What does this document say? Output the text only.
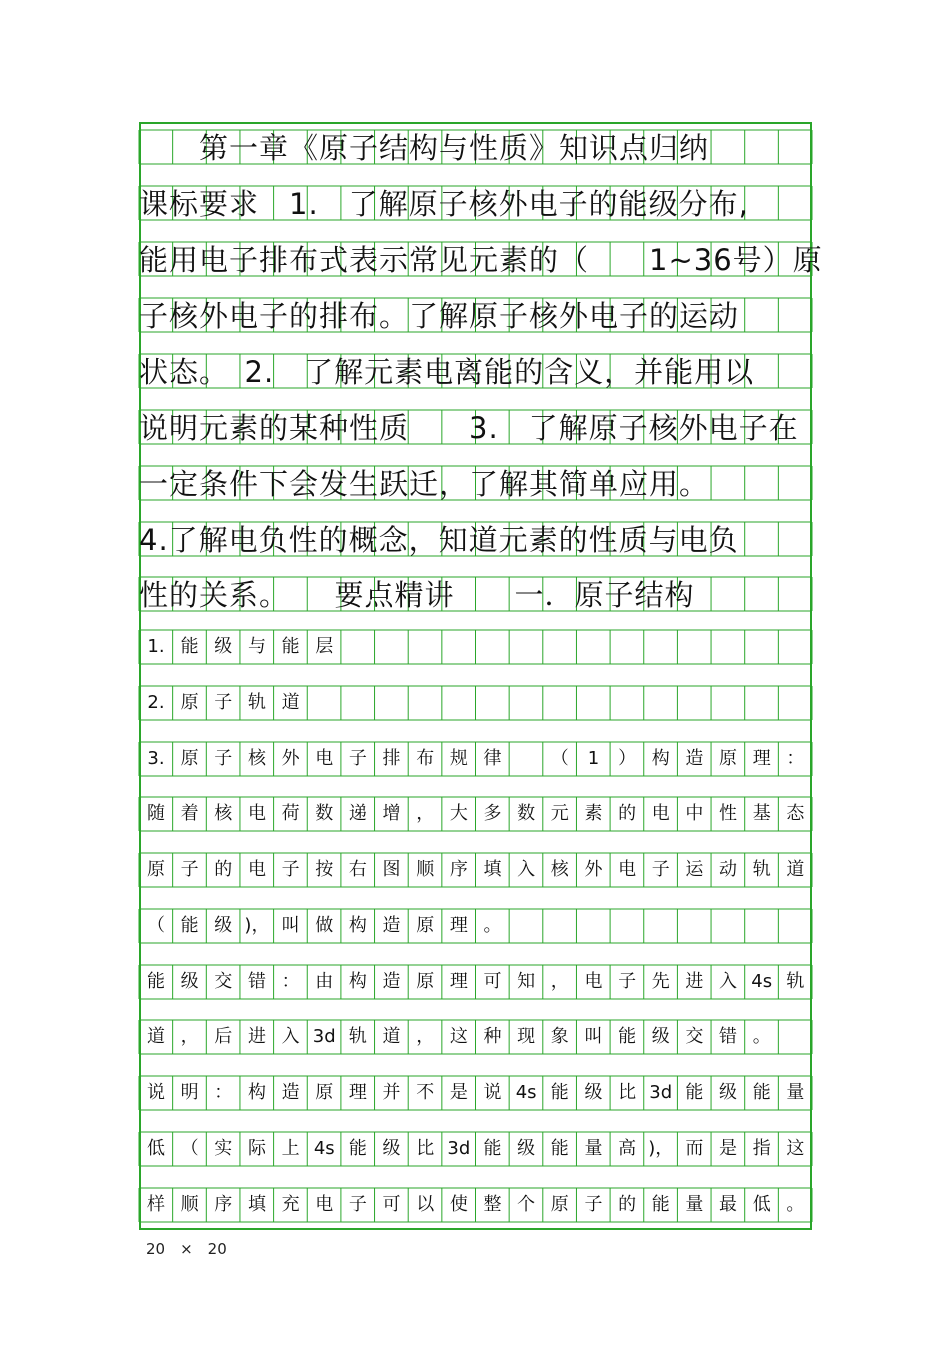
　　第一章《原子结构与性质》知识点归纳
课标要求　1.　了解原子核外电子的能级分布,
能用电子排布式表示常见元素的（　　1~36号）原
子核外电子的排布。了解原子核外电子的运动
状态。　2.　了解元素电离能的含义，并能用以
说明元素的某种性质　　3.　了解原子核外电子在
一定条件下会发生跃迁，了解其简单应用。
4.了解电负性的概念，知道元素的性质与电负
性的关系。　　要点精讲　　一．原子结构
1. 能 级 与 能 层
2. 原 子 轨 道
3. 原 子 核 外 电 子 排 布 规 律	（	1	） 构 造 原 理 ：
随 着 核 电 荷 数 递 增 ， 大 多 数 元 素 的 电 中 性 基 态
原 子 的 电 子 按 右 图 顺 序 填 入 核 外 电 子 运 动 轨 道
（ 能 级 )， 叫 做 构 造 原 理 。
能 级 交 错 ： 由 构 造 原 理 可 知 ， 电 子 先 进 入 4s 轨
道 ， 后 进 入 3d 轨 道 ， 这 种 现 象 叫 能 级 交 错 。
说 明 ： 构 造 原 理 并 不 是 说 4s 能 级 比 3d 能 级 能 量
低 （ 实 际 上 4s 能 级 比 3d 能 级 能 量 高 )， 而 是 指 这
样 顺 序 填 充 电 子 可 以 使 整 个 原 子 的 能 量 最 低 。
20　×　20
